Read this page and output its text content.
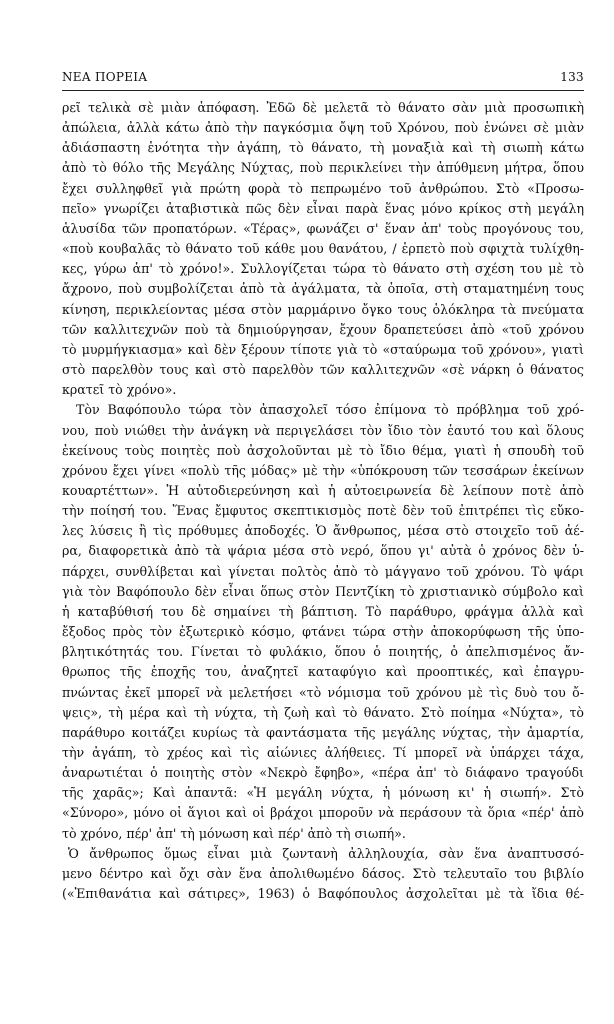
ΝΕΑ ΠΟΡΕΙΑ	133
ρεῖ τελικὰ σὲ μιὰν ἀπόφαση. Ἐδῶ δὲ μελετᾶ τὸ θάνατο σὰν μιὰ προσωπικὴ
ἀπώλεια, ἀλλὰ κάτω ἀπὸ τὴν παγκόσμια ὄψη τοῦ Χρόνου, ποὺ ἑνώνει σὲ μιὰν
ἀδιάσπαστη ἑνότητα τὴν ἀγάπη, τὸ θάνατο, τὴ μοναξιὰ καὶ τὴ σιωπὴ κάτω
ἀπὸ τὸ θόλο τῆς Μεγάλης Νύχτας, ποὺ περικλείνει τὴν ἀπύθμενη μήτρα, ὅπου
ἔχει συλληφθεῖ γιὰ πρώτη φορὰ τὸ πεπρωμένο τοῦ ἀνθρώπου. Στὸ «Προσω-
πεῖο» γνωρίζει ἀταβιστικὰ πῶς δὲν εἶναι παρὰ ἕνας μόνο κρίκος στὴ μεγάλη
ἁλυσίδα τῶν προπατόρων. «Τέρας», φωνάζει σ' ἕναν ἀπ' τοὺς προγόνους του,
«ποὺ κουβαλᾶς τὸ θάνατο τοῦ κάθε μου θανάτου, / ἑρπετὸ ποὺ σφιχτὰ τυλίχθη-
κες, γύρω ἀπ' τὸ χρόνο!». Συλλογίζεται τώρα τὸ θάνατο στὴ σχέση του μὲ τὸ
ἄχρονο, ποὺ συμβολίζεται ἀπὸ τὰ ἀγάλματα, τὰ ὁποῖα, στὴ σταματημένη τους
κίνηση, περικλείοντας μέσα στὸν μαρμάρινο ὄγκο τους ὁλόκληρα τὰ πνεύματα
τῶν καλλιτεχνῶν ποὺ τὰ δημιούργησαν, ἔχουν δραπετεύσει ἀπὸ «τοῦ χρόνου
τὸ μυρμήγκιασμα» καὶ δὲν ξέρουν τίποτε γιὰ τὸ «σταύρωμα τοῦ χρόνου», γιατὶ
στὸ παρελθὸν τους καὶ στὸ παρελθὸν τῶν καλλιτεχνῶν «σὲ νάρκη ὁ θάνατος
κρατεῖ τὸ χρόνο».
Τὸν Βαφόπουλο τώρα τὸν ἀπασχολεῖ τόσο ἐπίμονα τὸ πρόβλημα τοῦ χρό-
νου, ποὺ νιώθει τὴν ἀνάγκη νὰ περιγελάσει τὸν ἴδιο τὸν ἑαυτό του καὶ ὅλους
ἐκείνους τοὺς ποιητὲς ποὺ ἀσχολοῦνται μὲ τὸ ἴδιο θέμα, γιατὶ ἡ σπουδὴ τοῦ
χρόνου ἔχει γίνει «πολὺ τῆς μόδας» μὲ τὴν «ὑπόκρουση τῶν τεσσάρων ἐκείνων
κουαρτέττων». Ἡ αὐτοδιερεύνηση καὶ ἡ αὐτοειρωνεία δὲ λείπουν ποτὲ ἀπὸ
τὴν ποίησή του. Ἕνας ἔμφυτος σκεπτικισμὸς ποτὲ δὲν τοῦ ἐπιτρέπει τὶς εὔκο-
λες λύσεις ἢ τὶς πρόθυμες ἀποδοχές. Ὁ ἄνθρωπος, μέσα στὸ στοιχεῖο τοῦ ἀέ-
ρα, διαφορετικὰ ἀπὸ τὰ ψάρια μέσα στὸ νερό, ὅπου γι' αὐτὰ ὁ χρόνος δὲν ὑ-
πάρχει, συνθλίβεται καὶ γίνεται πολτὸς ἀπὸ τὸ μάγγανο τοῦ χρόνου. Τὸ ψάρι
γιὰ τὸν Βαφόπουλο δὲν εἶναι ὅπως στὸν Πεντζίκη τὸ χριστιανικὸ σύμβολο καὶ
ἡ καταβύθισή του δὲ σημαίνει τὴ βάπτιση. Τὸ παράθυρο, φράγμα ἀλλὰ καὶ
ἔξοδος πρὸς τὸν ἐξωτερικὸ κόσμο, φτάνει τώρα στὴν ἀποκορύφωση τῆς ὑπο-
βλητικότητάς του. Γίνεται τὸ φυλάκιο, ὅπου ὁ ποιητής, ὁ ἀπελπισμένος ἄν-
θρωπος τῆς ἐποχῆς του, ἀναζητεῖ καταφύγιο καὶ προοπτικές, καὶ ἐπαγρυ-
πνώντας ἐκεῖ μπορεῖ νὰ μελετήσει «τὸ νόμισμα τοῦ χρόνου μὲ τὶς δυὸ του ὄ-
ψεις», τὴ μέρα καὶ τὴ νύχτα, τὴ ζωὴ καὶ τὸ θάνατο. Στὸ ποίημα «Νύχτα», τὸ
παράθυρο κοιτάζει κυρίως τὰ φαντάσματα τῆς μεγάλης νύχτας, τὴν ἁμαρτία,
τὴν ἀγάπη, τὸ χρέος καὶ τὶς αἰώνιες ἀλήθειες. Τί μπορεῖ νὰ ὑπάρχει τάχα,
ἀναρωτιέται ὁ ποιητὴς στὸν «Νεκρὸ ἔφηβο», «πέρα ἀπ' τὸ διάφανο τραγούδι
τῆς χαρᾶς»; Καὶ ἀπαντᾶ: «Ἡ μεγάλη νύχτα, ἡ μόνωση κι' ἡ σιωπή». Στὸ
«Σύνορο», μόνο οἱ ἅγιοι καὶ οἱ βράχοι μποροῦν νὰ περάσουν τὰ ὅρια «πέρ' ἀπὸ
τὸ χρόνο, πέρ' ἀπ' τὴ μόνωση καὶ πέρ' ἀπὸ τὴ σιωπή».
Ὁ ἄνθρωπος ὅμως εἶναι μιὰ ζωντανὴ ἀλληλουχία, σὰν ἕνα ἀναπτυσσό-
μενο δέντρο καὶ ὄχι σὰν ἕνα ἀπολιθωμένο δάσος. Στὸ τελευταῖο του βιβλίο
(«Ἐπιθανάτια καὶ σάτιρες», 1963) ὁ Βαφόπουλος ἀσχολεῖται μὲ τὰ ἴδια θέ-
